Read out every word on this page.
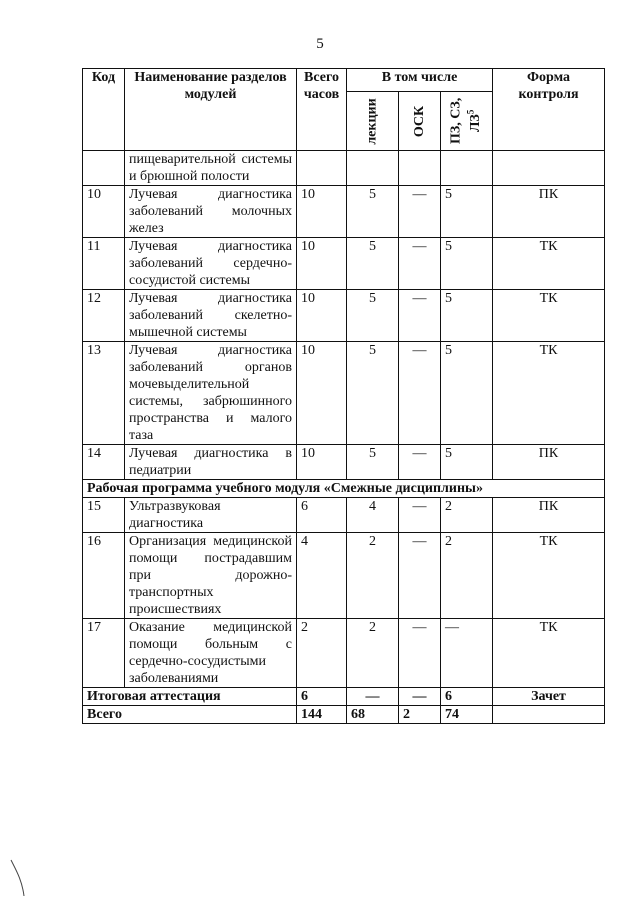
5
Код	Наименование разделов модулей	Всего часов	В том числе			Форма контроля

			лекции	ОСК	ПЗ, СЗ, $ЛЗ^5$

	пищеварительной системы и брюшной полости					
10	Лучевая диагностика заболеваний молочных желез	10	5	—	5	ПК
11	Лучевая диагностика заболеваний сердечно-сосудистой системы	10	5	—	5	ТК
12	Лучевая диагностика заболеваний скелетно-мышечной системы	10	5	—	5	ТК
13	Лучевая диагностика заболеваний органов мочевыделительной системы, забрюшинного пространства и малого таза	10	5	—	5	ТК
14	Лучевая диагностика в педиатрии	10	5	—	5	ПК
Рабочая программа учебного модуля «Смежные дисциплины»						
15	Ультразвуковая диагностика	6	4	—	2	ПК
16	Организация медицинской помощи пострадавшим при дорожно-транспортных происшествиях	4	2	—	2	ТК
17	Оказание медицинской помощи больным с сердечно-сосудистыми заболеваниями	2	2	—	—	ТК
Итоговая аттестация		6	—	—	6	Зачет
Всего		144	68	2	74	
